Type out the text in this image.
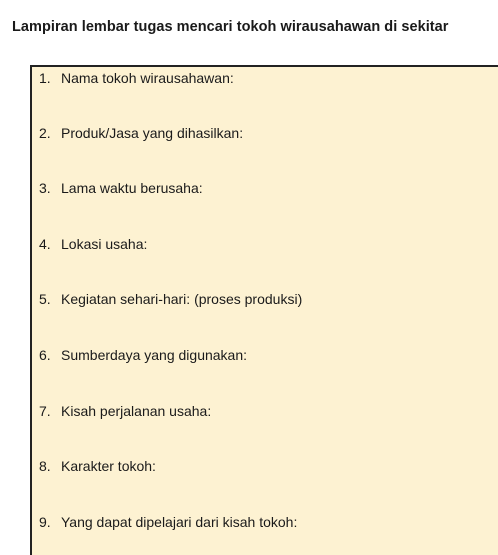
Lampiran lembar tugas mencari tokoh wirausahawan di sekitar
1. Nama tokoh wirausahawan:
2. Produk/Jasa yang dihasilkan:
3. Lama waktu berusaha:
4. Lokasi usaha:
5. Kegiatan sehari-hari: (proses produksi)
6. Sumberdaya yang digunakan:
7. Kisah perjalanan usaha:
8. Karakter tokoh:
9. Yang dapat dipelajari dari kisah tokoh:
